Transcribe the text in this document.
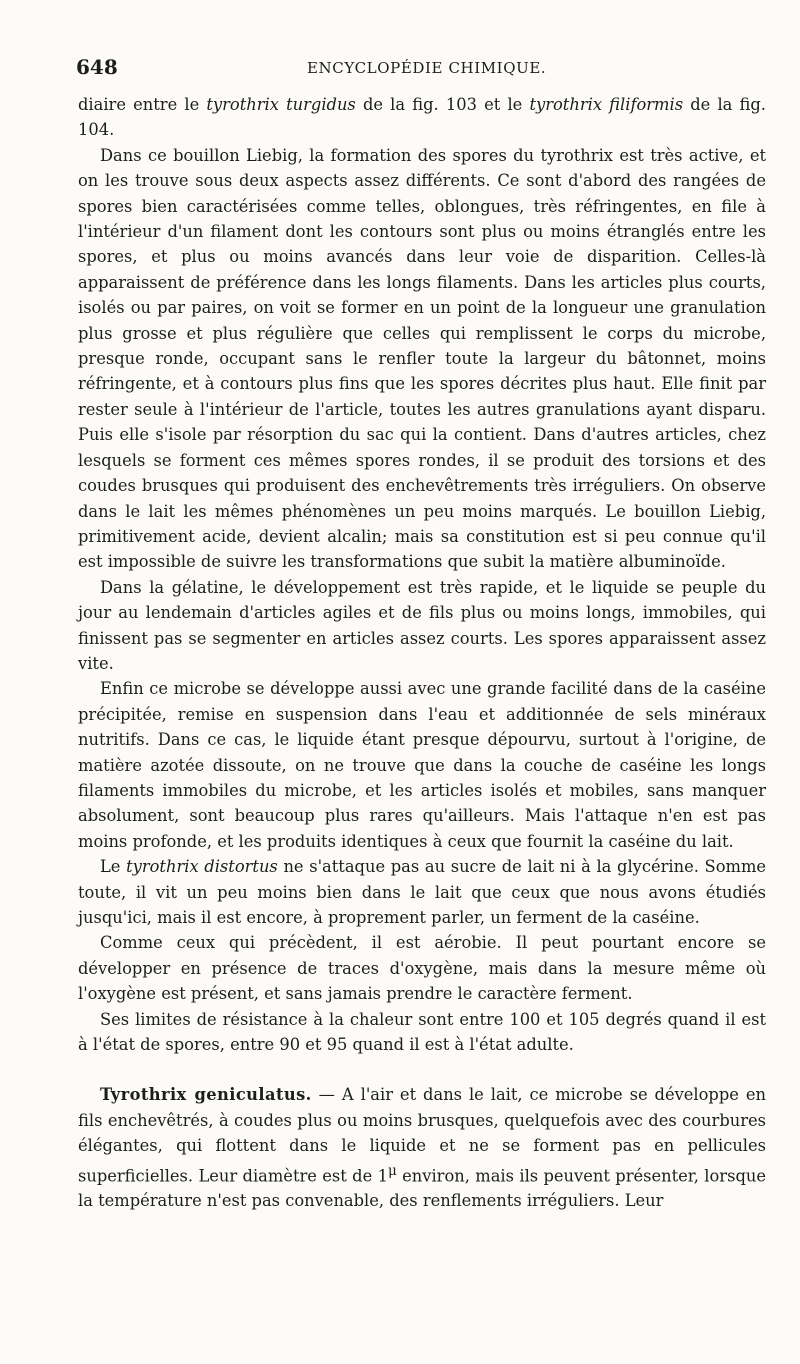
648	ENCYCLOPÉDIE CHIMIQUE.

diaire entre le tyrothrix turgidus de la fig. 103 et le tyrothrix filiformis de la fig. 104.

Dans ce bouillon Liebig, la formation des spores du tyrothrix est très active, et on les trouve sous deux aspects assez différents. Ce sont d'abord des rangées de spores bien caractérisées comme telles, oblongues, très réfringentes, en file à l'intérieur d'un filament dont les contours sont plus ou moins étranglés entre les spores, et plus ou moins avancés dans leur voie de disparition. Celles-là apparaissent de préférence dans les longs filaments. Dans les articles plus courts, isolés ou par paires, on voit se former en un point de la longueur une granulation plus grosse et plus régulière que celles qui remplissent le corps du microbe, presque ronde, occupant sans le renfler toute la largeur du bâtonnet, moins réfringente, et à contours plus fins que les spores décrites plus haut. Elle finit par rester seule à l'intérieur de l'article, toutes les autres granulations ayant disparu. Puis elle s'isole par résorption du sac qui la contient. Dans d'autres articles, chez lesquels se forment ces mêmes spores rondes, il se produit des torsions et des coudes brusques qui produisent des enchevêtrements très irréguliers. On observe dans le lait les mêmes phénomènes un peu moins marqués. Le bouillon Liebig, primitivement acide, devient alcalin; mais sa constitution est si peu connue qu'il est impossible de suivre les transformations que subit la matière albuminoïde.

Dans la gélatine, le développement est très rapide, et le liquide se peuple du jour au lendemain d'articles agiles et de fils plus ou moins longs, immobiles, qui finissent pas se segmenter en articles assez courts. Les spores apparaissent assez vite.

Enfin ce microbe se développe aussi avec une grande facilité dans de la caséine précipitée, remise en suspension dans l'eau et additionnée de sels minéraux nutritifs. Dans ce cas, le liquide étant presque dépourvu, surtout à l'origine, de matière azotée dissoute, on ne trouve que dans la couche de caséine les longs filaments immobiles du microbe, et les articles isolés et mobiles, sans manquer absolument, sont beaucoup plus rares qu'ailleurs. Mais l'attaque n'en est pas moins profonde, et les produits identiques à ceux que fournit la caséine du lait.

Le tyrothrix distortus ne s'attaque pas au sucre de lait ni à la glycérine. Somme toute, il vit un peu moins bien dans le lait que ceux que nous avons étudiés jusqu'ici, mais il est encore, à proprement parler, un ferment de la caséine.

Comme ceux qui précèdent, il est aérobie. Il peut pourtant encore se développer en présence de traces d'oxygène, mais dans la mesure même où l'oxygène est présent, et sans jamais prendre le caractère ferment.

Ses limites de résistance à la chaleur sont entre 100 et 105 degrés quand il est à l'état de spores, entre 90 et 95 quand il est à l'état adulte.

Tyrothrix geniculatus. — A l'air et dans le lait, ce microbe se développe en fils enchevêtrés, à coudes plus ou moins brusques, quelquefois avec des courbures élégantes, qui flottent dans le liquide et ne se forment pas en pellicules superficielles. Leur diamètre est de $1^\mu$ environ, mais ils peuvent présenter, lorsque la température n'est pas convenable, des renflements irréguliers. Leur
